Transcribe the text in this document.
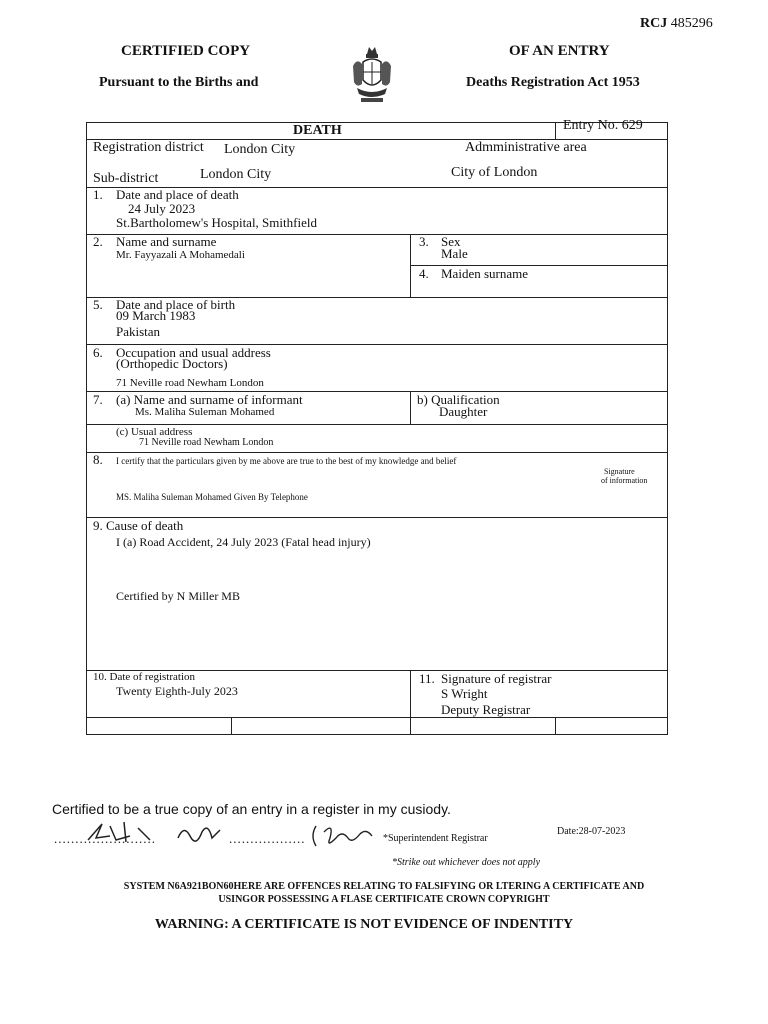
RCJ 485296
CERTIFIED COPY
Pursuant to the Births and
OF AN ENTRY
Deaths Registration Act 1953
DEATH	Entry No. 629
Registration district London City	Admministrative area
Sub-district	London City	City of London
1. Date and place of death
24 July 2023
St.Bartholomew's Hospital, Smithfield
2. Name and surname
Mr. Fayyazali A Mohamedali
3. Sex
Male
4. Maiden surname
5. Date and place of birth
09 March 1983
Pakistan
6. Occupation and usual address
(Orthopedic Doctors)
71 Neville road Newham London
7. (a) Name and surname of informant
Ms. Maliha Suleman Mohamed
b) Qualification
Daughter
(c) Usual address
71 Neville road Newham London
8. I certify that the particulars given by me above are true to the best of my knowledge and belief
Signature
of information
MS. Maliha Suleman Mohamed Given By Telephone
9. Cause of death
I (a) Road Accident, 24 July 2023 (Fatal head injury)
Certified by N Miller MB
10. Date of registration
Twenty Eighth-July 2023
11. Signature of registrar
S Wright
Deputy Registrar
Certified to be a true copy of an entry in a register in my cusiody.
........................	..................	*Superintendent Registrar
Date:28-07-2023
*Strike out whichever does not apply
SYSTEM N6A921BON60HERE ARE OFFENCES RELATING TO FALSIFYING OR LTERING A CERTIFICATE AND
USINGOR POSSESSING A FLASE CERTIFICATE CROWN COPYRIGHT
WARNING: A CERTIFICATE IS NOT EVIDENCE OF INDENTITY
